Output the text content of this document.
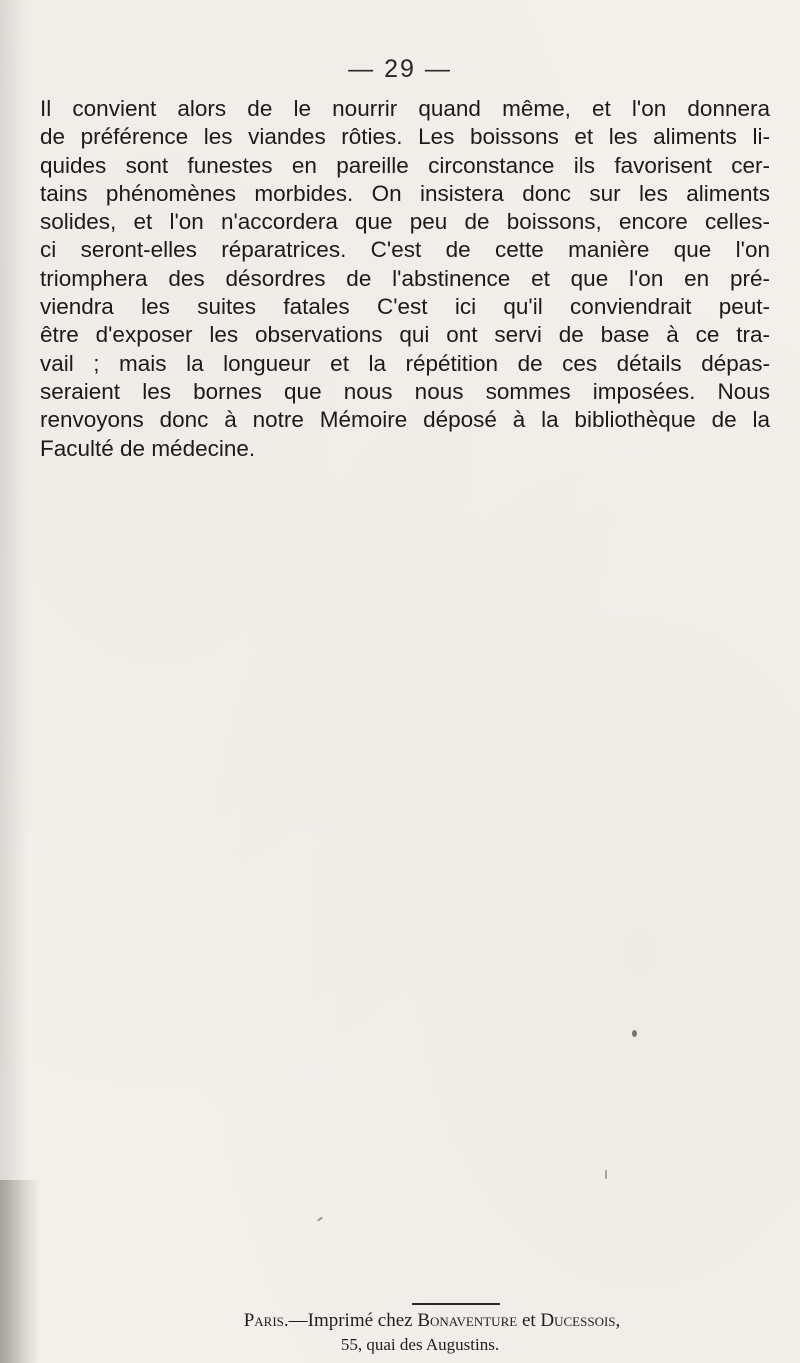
— 29 —
Il convient alors de le nourrir quand même, et l'on donnera
de préférence les viandes rôties. Les boissons et les aliments li-
quides sont funestes en pareille circonstance ils favorisent cer-
tains phénomènes morbides. On insistera donc sur les aliments
solides, et l'on n'accordera que peu de boissons, encore celles-
ci seront-elles réparatrices. C'est de cette manière que l'on
triomphera des désordres de l'abstinence et que l'on en pré-
viendra les suites fatales C'est ici qu'il conviendrait peut-
être d'exposer les observations qui ont servi de base à ce tra-
vail ; mais la longueur et la répétition de ces détails dépas-
seraient les bornes que nous nous sommes imposées. Nous
renvoyons donc à notre Mémoire déposé à la bibliothèque de la
Faculté de médecine.
Paris.—Imprimé chez Bonaventure et Ducessois,
55, quai des Augustins.
